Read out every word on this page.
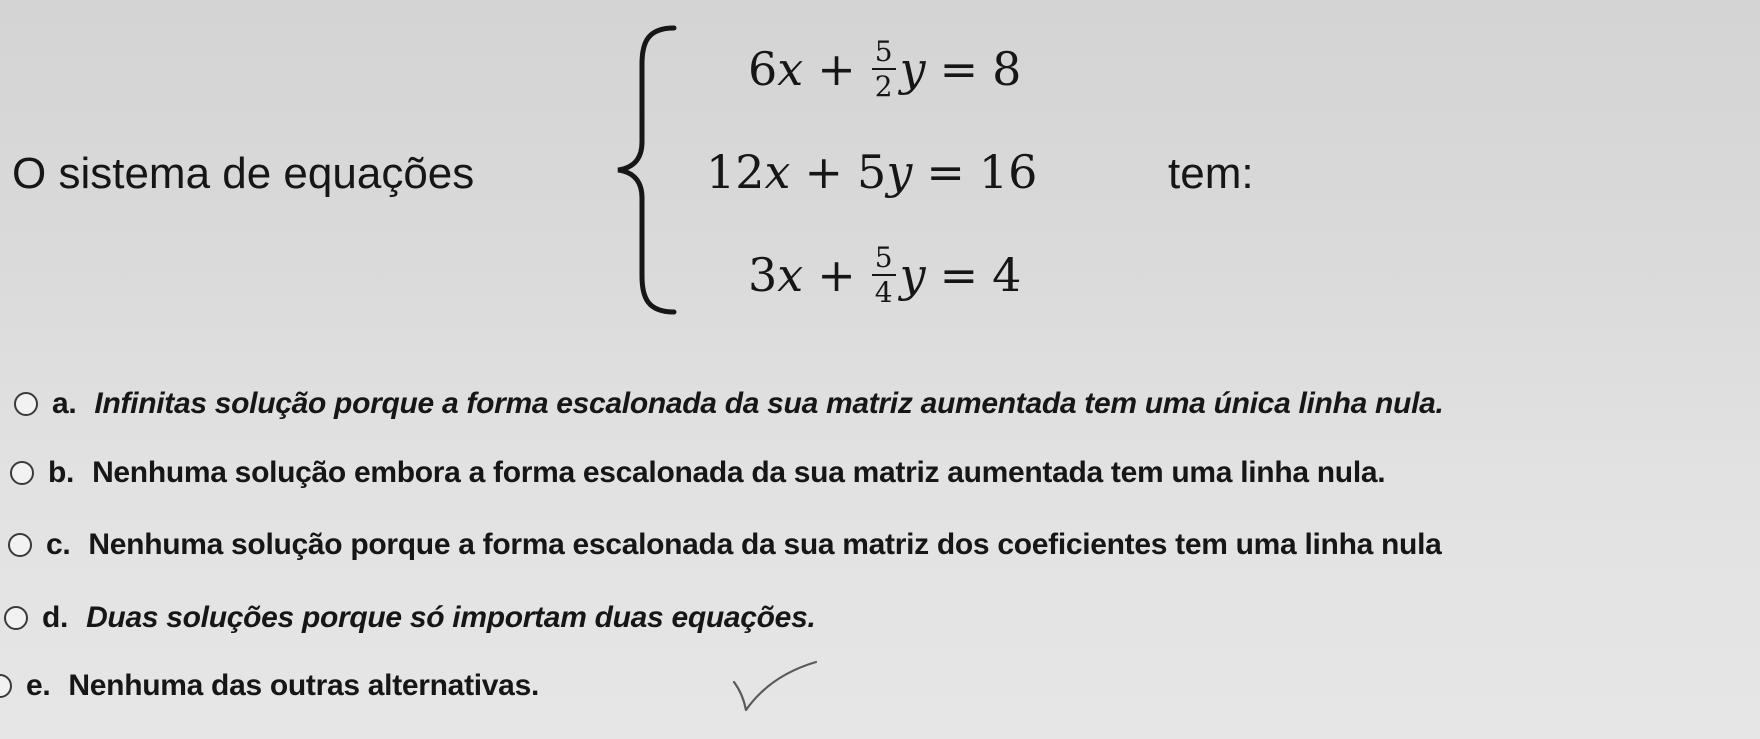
O sistema de equações
6 $x + \frac{5}{2}$ y = 8
12 x + 5 y = 16
3 $x + \frac{5}{4}$ y = 4
tem:
a. Infinitas solução porque a forma escalonada da sua matriz aumentada tem uma única linha nula.
b. Nenhuma solução embora a forma escalonada da sua matriz aumentada tem uma linha nula.
c. Nenhuma solução porque a forma escalonada da sua matriz dos coeficientes tem uma linha nula
d. Duas soluções porque só importam duas equações.
e. Nenhuma das outras alternativas.
